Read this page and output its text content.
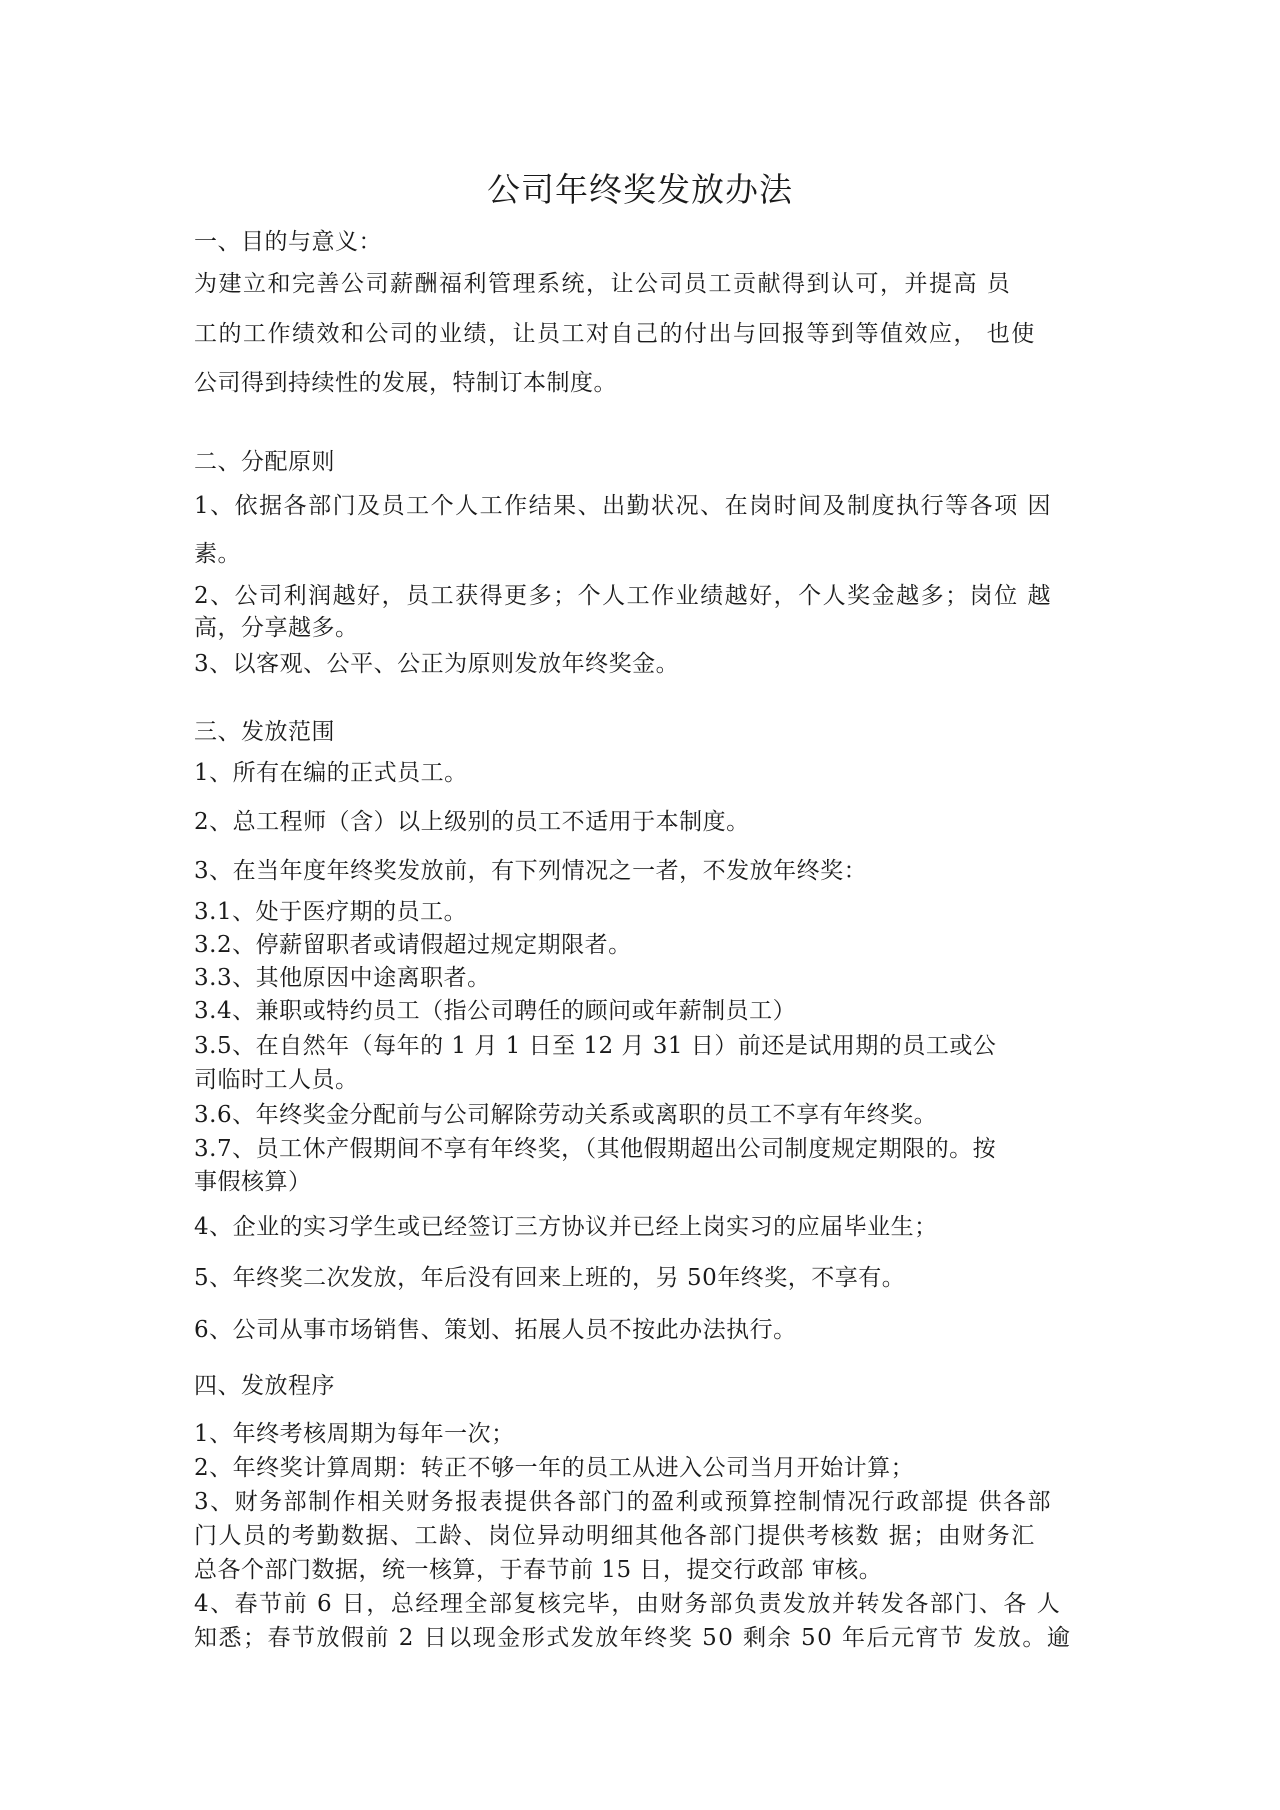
公司年终奖发放办法
一、目的与意义：
为建立和完善公司薪酬福利管理系统，让公司员工贡献得到认可，并提高 员
工的工作绩效和公司的业绩，让员工对自己的付出与回报等到等值效应， 也使
公司得到持续性的发展，特制订本制度。
二、分配原则
1、依据各部门及员工个人工作结果、出勤状况、在岗时间及制度执行等各项 因
素。
2、公司利润越好，员工获得更多；个人工作业绩越好，个人奖金越多；岗位 越
高，分享越多。
3、以客观、公平、公正为原则发放年终奖金。
三、发放范围
1、所有在编的正式员工。
2、总工程师（含）以上级别的员工不适用于本制度。
3、在当年度年终奖发放前，有下列情况之一者，不发放年终奖：
3.1、处于医疗期的员工。
3.2、停薪留职者或请假超过规定期限者。
3.3、其他原因中途离职者。
3.4、兼职或特约员工（指公司聘任的顾问或年薪制员工）
3.5、在自然年（每年的 1 月 1 日至 12 月 31 日）前还是试用期的员工或公
司临时工人员。
3.6、年终奖金分配前与公司解除劳动关系或离职的员工不享有年终奖。
3.7、员工休产假期间不享有年终奖，（其他假期超出公司制度规定期限的。按
事假核算）
4、企业的实习学生或已经签订三方协议并已经上岗实习的应届毕业生；
5、年终奖二次发放，年后没有回来上班的，另 50年终奖，不享有。
6、公司从事市场销售、策划、拓展人员不按此办法执行。
四、发放程序
1、年终考核周期为每年一次；
2、年终奖计算周期：转正不够一年的员工从进入公司当月开始计算；
3、财务部制作相关财务报表提供各部门的盈利或预算控制情况行政部提 供各部
门人员的考勤数据、工龄、岗位异动明细其他各部门提供考核数 据；由财务汇
总各个部门数据，统一核算，于春节前 15 日，提交行政部 审核。
4、春节前 6 日，总经理全部复核完毕，由财务部负责发放并转发各部门、各 人
知悉；春节放假前 2 日以现金形式发放年终奖 50 剩余 50 年后元宵节 发放。逾
